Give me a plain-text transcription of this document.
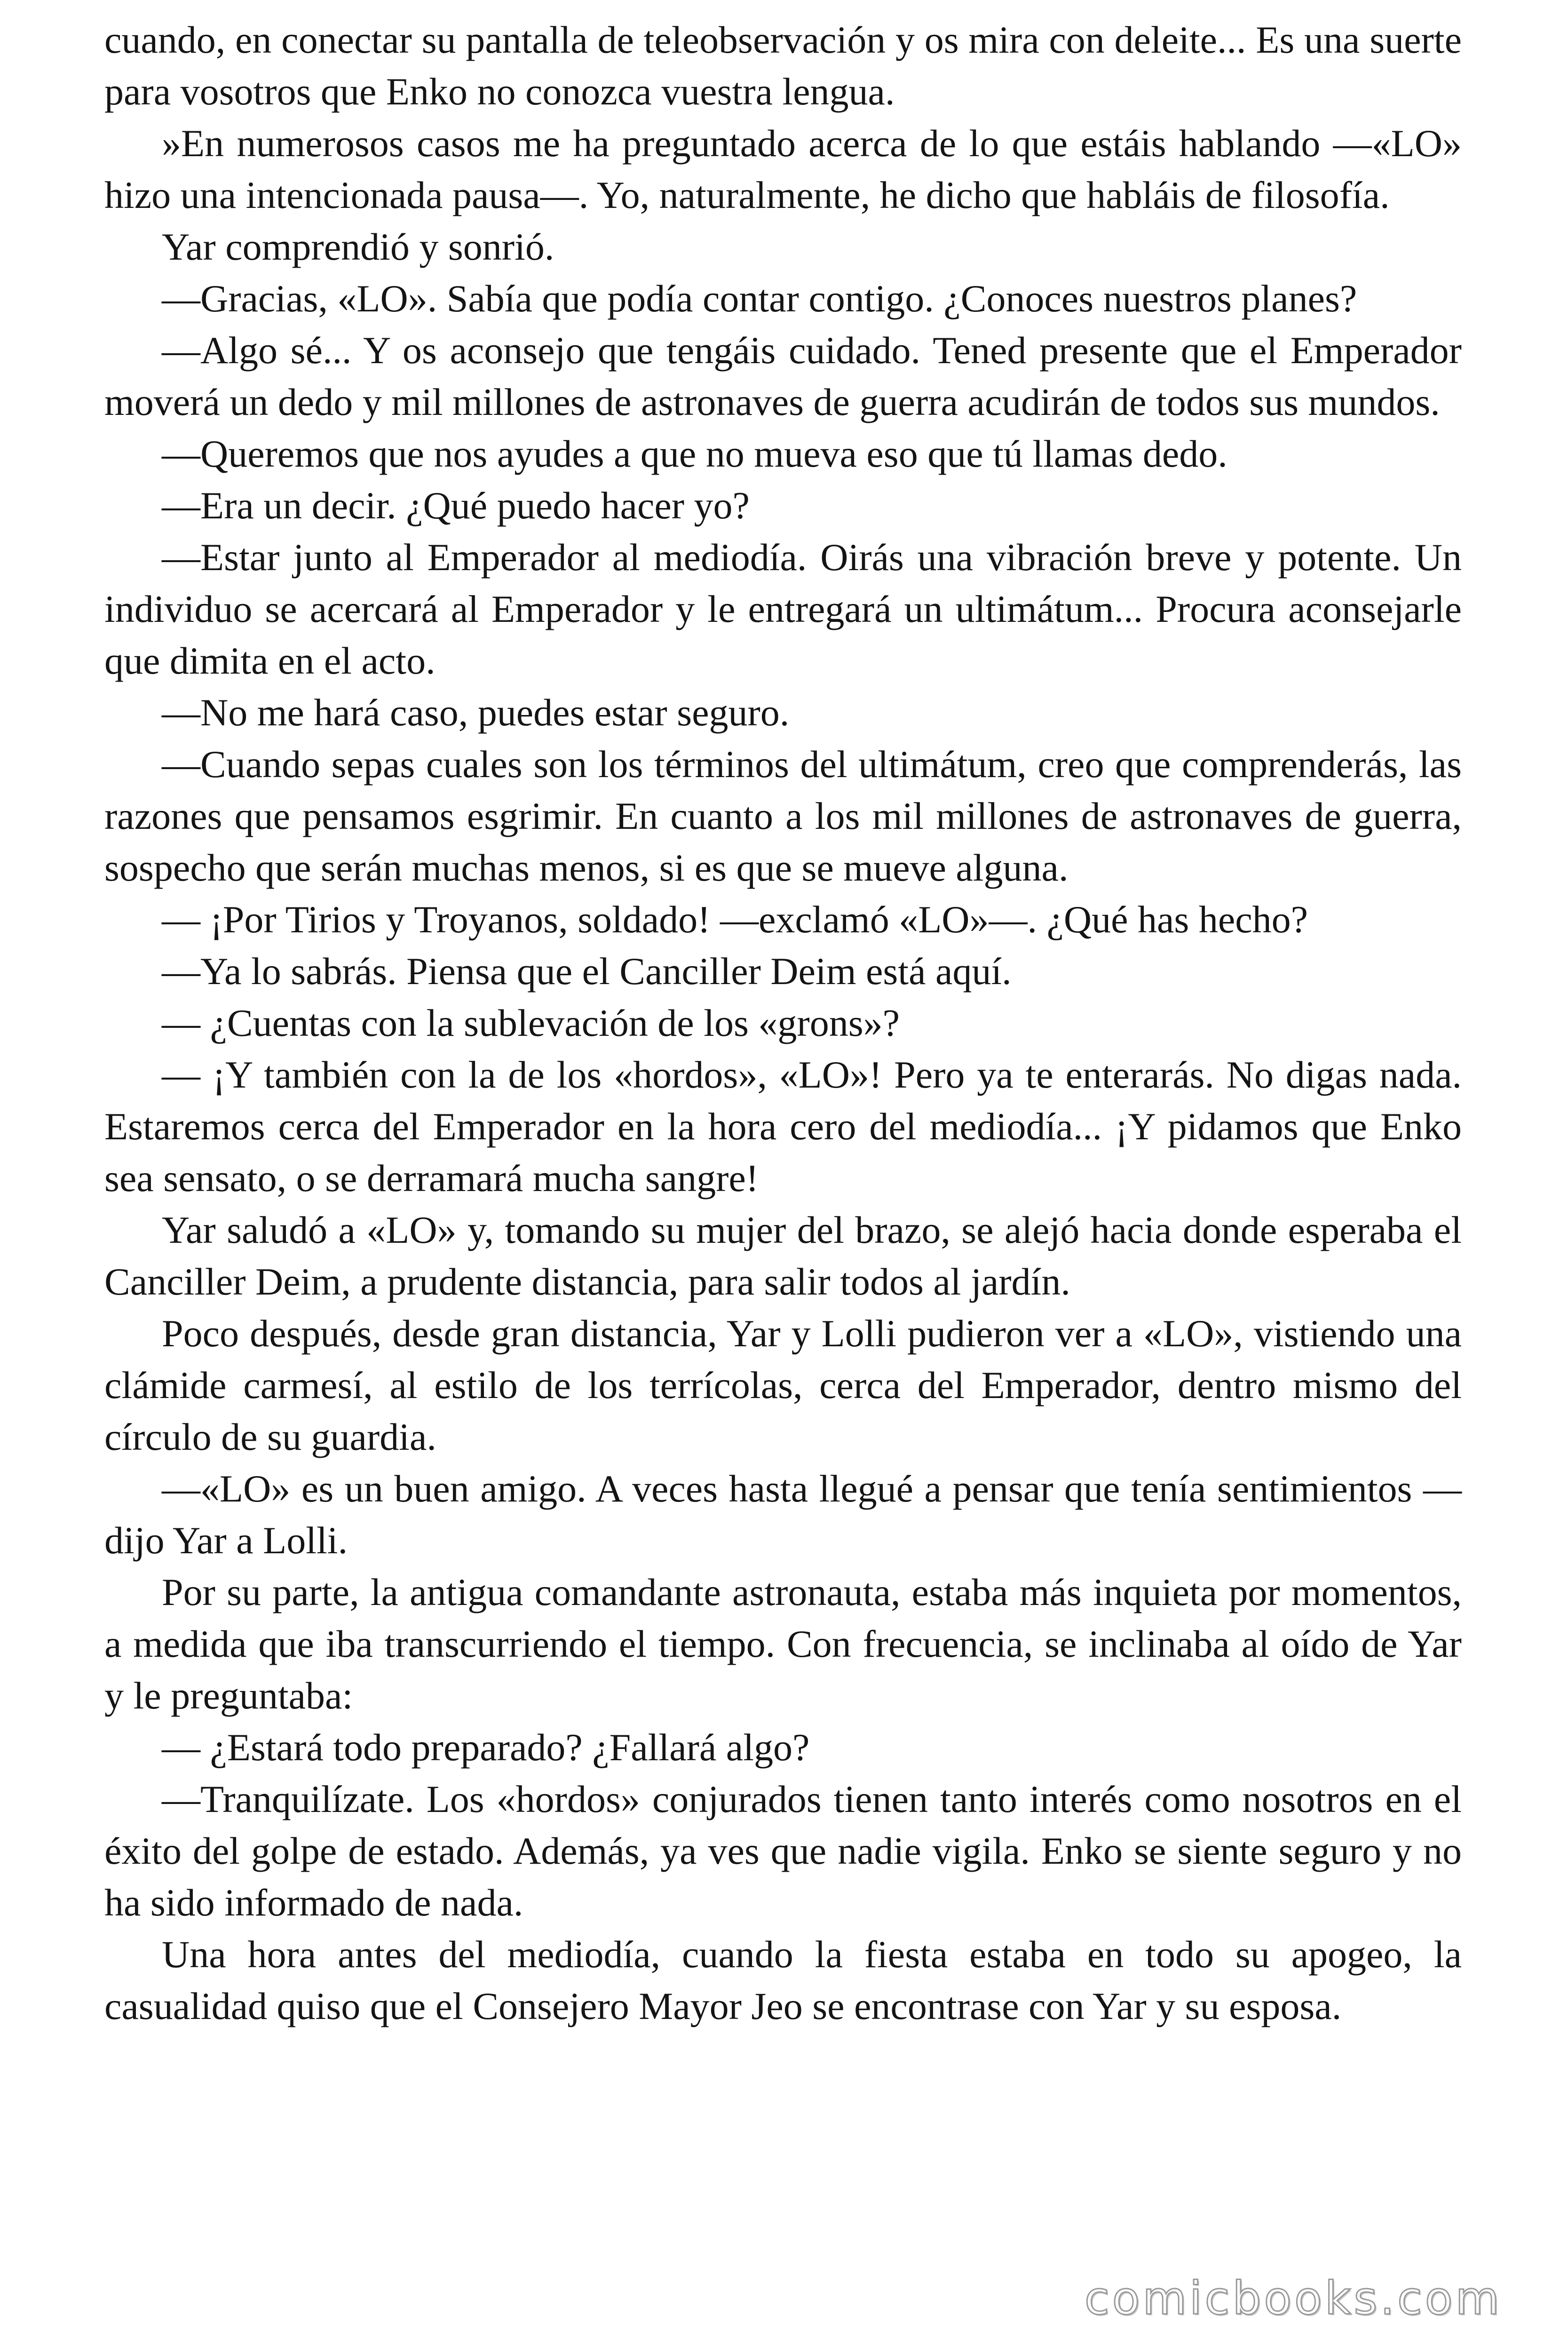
cuando, en conectar su pantalla de teleobservación y os mira con deleite... Es una suerte para vosotros que Enko no conozca vuestra lengua.

»En numerosos casos me ha preguntado acerca de lo que estáis hablando —«LO» hizo una intencionada pausa—. Yo, naturalmente, he dicho que habláis de filosofía.

Yar comprendió y sonrió.

—Gracias, «LO». Sabía que podía contar contigo. ¿Conoces nuestros planes?

—Algo sé... Y os aconsejo que tengáis cuidado. Tened presente que el Emperador moverá un dedo y mil millones de astronaves de guerra acudirán de todos sus mundos.

—Queremos que nos ayudes a que no mueva eso que tú llamas dedo.

—Era un decir. ¿Qué puedo hacer yo?

—Estar junto al Emperador al mediodía. Oirás una vibración breve y potente. Un individuo se acercará al Emperador y le entregará un ultimátum... Procura aconsejarle que dimita en el acto.

—No me hará caso, puedes estar seguro.

—Cuando sepas cuales son los términos del ultimátum, creo que comprenderás, las razones que pensamos esgrimir. En cuanto a los mil millones de astronaves de guerra, sospecho que serán muchas menos, si es que se mueve alguna.

— ¡Por Tirios y Troyanos, soldado! —exclamó «LO»—. ¿Qué has hecho?

—Ya lo sabrás. Piensa que el Canciller Deim está aquí.

— ¿Cuentas con la sublevación de los «grons»?

— ¡Y también con la de los «hordos», «LO»! Pero ya te enterarás. No digas nada. Estaremos cerca del Emperador en la hora cero del mediodía... ¡Y pidamos que Enko sea sensato, o se derramará mucha sangre!

Yar saludó a «LO» y, tomando su mujer del brazo, se alejó hacia donde esperaba el Canciller Deim, a prudente distancia, para salir todos al jardín.

Poco después, desde gran distancia, Yar y Lolli pudieron ver a «LO», vistiendo una clámide carmesí, al estilo de los terrícolas, cerca del Emperador, dentro mismo del círculo de su guardia.

—«LO» es un buen amigo. A veces hasta llegué a pensar que tenía sentimientos —dijo Yar a Lolli.

Por su parte, la antigua comandante astronauta, estaba más inquieta por momentos, a medida que iba transcurriendo el tiempo. Con frecuencia, se inclinaba al oído de Yar y le preguntaba:

— ¿Estará todo preparado? ¿Fallará algo?

—Tranquilízate. Los «hordos» conjurados tienen tanto interés como nosotros en el éxito del golpe de estado. Además, ya ves que nadie vigila. Enko se siente seguro y no ha sido informado de nada.

Una hora antes del mediodía, cuando la fiesta estaba en todo su apogeo, la casualidad quiso que el Consejero Mayor Jeo se encontrase con Yar y su esposa.

comicbooks.com
